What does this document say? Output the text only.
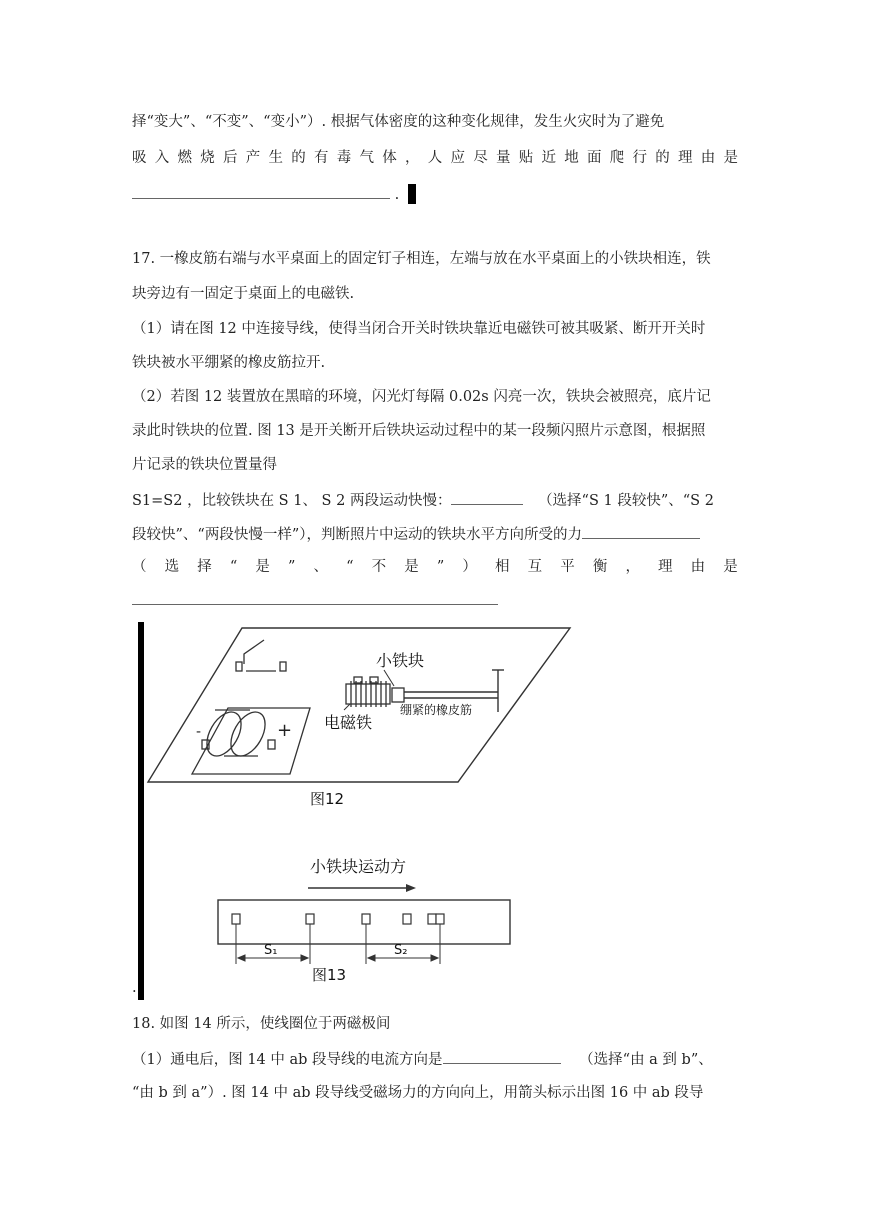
择“变大”、“不变”、“变小”）. 根据气体密度的这种变化规律，发生火灾时为了避免
吸 入 燃 烧 后 产 生 的 有 毒 气 体 ， 人 应 尽 量 贴 近 地 面 爬 行 的 理 由 是
.
17. 一橡皮筋右端与水平桌面上的固定钉子相连，左端与放在水平桌面上的小铁块相连，铁
块旁边有一固定于桌面上的电磁铁.
（1）请在图 12 中连接导线，使得当闭合开关时铁块靠近电磁铁可被其吸紧、断开开关时
铁块被水平绷紧的橡皮筋拉开.
（2）若图 12 装置放在黑暗的环境，闪光灯每隔 0.02s 闪亮一次，铁块会被照亮，底片记
录此时铁块的位置. 图 13 是开关断开后铁块运动过程中的某一段频闪照片示意图，根据照
片记录的铁块位置量得
S1=S2 ，比较铁块在 S 1、 S 2 两段运动快慢：	（选择“S 1 段较快”、“S 2
段较快”、“两段快慢一样”），判断照片中运动的铁块水平方向所受的力
（ 选 择 “ 是 ” 、 “ 不 是 ” ） 相 互 平 衡 ， 理 由 是
+
-
小铁块
绷紧的橡皮筋
电磁铁
图12
小铁块运动方
S₁	S₂
图13
.
18. 如图 14 所示，使线圈位于两磁极间
（1）通电后，图 14 中 ab 段导线的电流方向是	（选择“由 a 到 b”、
“由 b 到 a”）. 图 14 中 ab 段导线受磁场力的方向向上，用箭头标示出图 16 中 ab 段导
